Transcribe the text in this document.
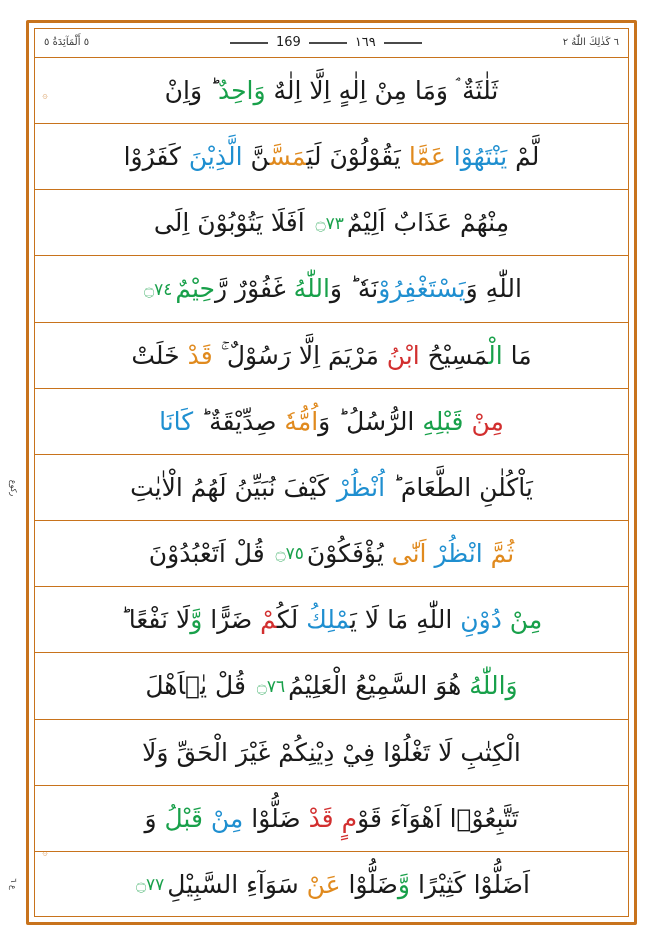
٦ كَذٰلِكَ اللّٰهُ ٢
١٦٩
169
٥ أَلْمَآئِدَةُ ٥
۞
۞
ثَلٰثَةٌ ۘ وَمَا مِنْ اِلٰهٍ اِلَّا اِلٰهٌ وَاحِدٌ ؕ وَاِنْ
لَّمْ يَنْتَهُوْا عَمَّا يَقُوْلُوْنَ لَيَمَسَّنَّ الَّذِيْنَ كَفَرُوْا
مِنْهُمْ عَذَابٌ اَلِيْمٌ۝٧٣ اَفَلَا يَتُوْبُوْنَ اِلَى
اللّٰهِ وَيَسْتَغْفِرُوْنَهٗ ؕ وَاللّٰهُ غَفُوْرٌ رَّحِيْمٌ۝٧٤
مَا الْمَسِيْحُ ابْنُ مَرْيَمَ اِلَّا رَسُوْلٌ ۚ قَدْ خَلَتْ
مِنْ قَبْلِهِ الرُّسُلُ ؕ وَاُمُّهٗ صِدِّيْقَةٌ ؕ كَانَا
يَاْكُلٰنِ الطَّعَامَ ؕ اُنْظُرْ كَيْفَ نُبَيِّنُ لَهُمُ الْاٰيٰتِ
رکوع
ثُمَّ انْظُرْ اَنّٰى يُؤْفَكُوْنَ۝٧٥ قُلْ اَتَعْبُدُوْنَ
مِنْ دُوْنِ اللّٰهِ مَا لَا يَمْلِكُ لَكُمْ ضَرًّا وَّلَا نَفْعًا ؕ
وَاللّٰهُ هُوَ السَّمِيْعُ الْعَلِيْمُ۝٧٦ قُلْ يٰۤاَهْلَ
الْكِتٰبِ لَا تَغْلُوْا فِيْ دِيْنِكُمْ غَيْرَ الْحَقِّ وَلَا
تَتَّبِعُوْۤا اَهْوَآءَ قَوْمٍ قَدْ ضَلُّوْا مِنْ قَبْلُ وَ
اَضَلُّوْا كَثِيْرًا وَّضَلُّوْا عَنْ سَوَآءِ السَّبِيْلِ۝٧٧
ع ٦
